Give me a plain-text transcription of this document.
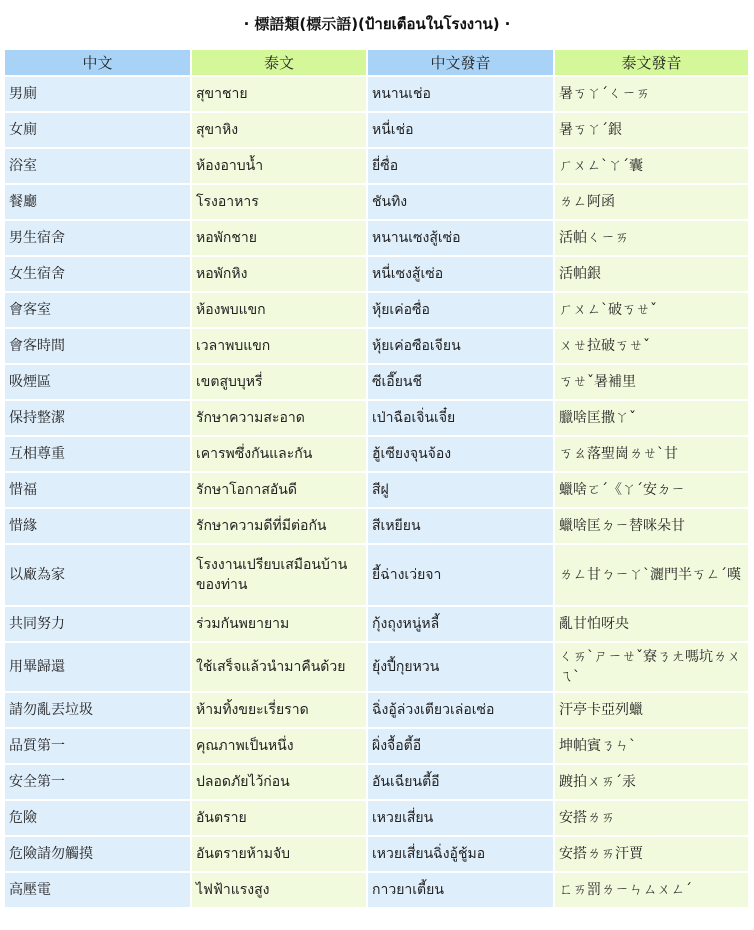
‧ 標語類(標示語)(ป้ายเตือนในโรงงาน) ‧
中文	泰文	中文發音	泰文發音
男廁	สุขาชาย	หนานเช่อ	暑ㄎㄚˊㄑㄧㄞ
女廁	สุขาหิง	หนี่เช่อ	暑ㄎㄚˊ銀
浴室	ห้องอาบน้ำ	ยี่ซื่อ	ㄏㄨㄥˋㄚˊ囊
餐廳	โรงอาหาร	ชันทิง	ㄌㄥ阿函
男生宿舍	หอพักชาย	หนานเซงสู้เซ่อ	活帕ㄑㄧㄞ
女生宿舍	หอพักหิง	หนี่เซงสู้เซ่อ	活帕銀
會客室	ห้องพบแขก	หุ้ยเค่อซื่อ	ㄏㄨㄥˋ破ㄎㄝˇ
會客時間	เวลาพบแขก	หุ้ยเค่อซือเจียน	ㄨㄝ拉破ㄎㄝˇ
吸煙區	เขตสูบบุหรี่	ซีเอี๊ยนชี	ㄎㄝˇ暑補里
保持整潔	รักษาความสะอาด	เป่าฉือเจิ่นเจี๋ย	臘啥匡撒ㄚˇ
互相尊重	เคารพซึ่งกันและกัน	ฮู้เซียงจุนจ้อง	ㄎㄠ落聖崗ㄌㄝˋ甘
惜福	รักษาโอกาสอันดี	สีฝู	蠟啥ㄛˊ《ㄚˊ安ㄉㄧ
惜緣	รักษาความดีที่มีต่อกัน	สีเหยียน	蠟啥匡ㄉㄧ替咪朵甘
以廠為家	โรงงานเปรียบเสมือนบ้านของท่าน	ยี้ฉ่างเว่ยจา	ㄌㄥ甘ㄅㄧㄚˋ灑門半ㄎㄥˊ嘆
共同努力	ร่วมกันพยายาม	กุ้งถุงหนู่หลี้	亂甘怕呀央
用畢歸還	ใช้เสร็จแล้วนำมาคืนด้วย	ยุ้งปี้กุยหวน	ㄑㄞˋㄕㄧㄝˇ寮ㄋㄤ嗎坑ㄌㄨㄟˋ
請勿亂丟垃圾	ห้ามทิ้งขยะเรี่ยราด	ฉิ่งอู้ล่วงเตียวเล่อเซ่อ	汗亭卡亞列蠟
品質第一	คุณภาพเป็นหนึ่ง	ผิ่งจื้อตี้อี	坤帕賓ㄋㄣˋ
安全第一	ปลอดภัยไว้ก่อน	อันเฉียนตี้อี	踱拍ㄨㄞˊ汞
危險	อันตราย	เหวยเสี่ยน	安搭ㄌㄞ
危險請勿觸摸	อันตรายห้ามจับ	เหวยเสี่ยนฉิ่งอู้ชู้มอ	安搭ㄌㄞ汗賈
高壓電	ไฟฟ้าแรงสูง	กาวยาเตี้ยน	ㄈㄞ罰ㄌㄧㄣㄙㄨㄥˊ
